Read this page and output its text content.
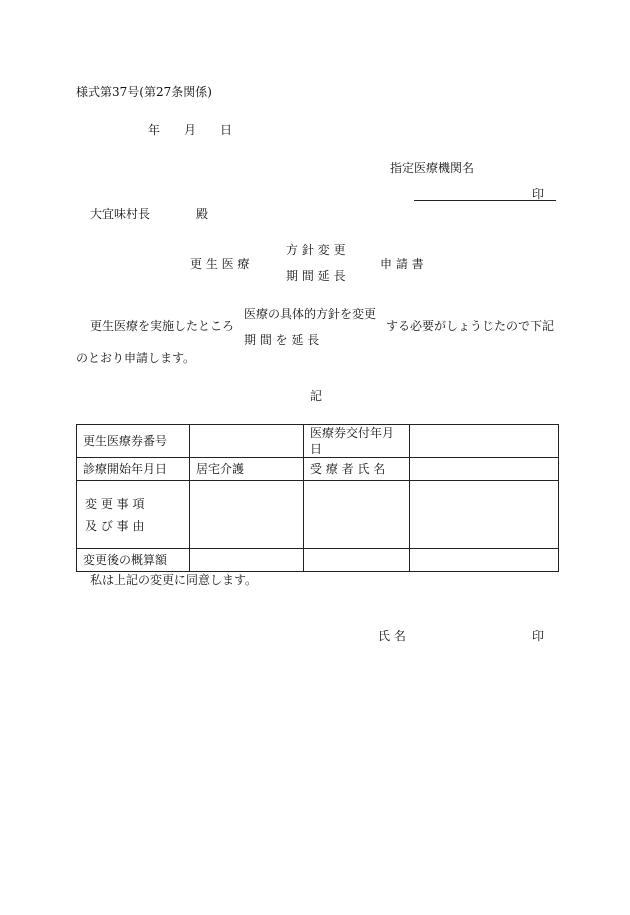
様式第37号(第27条関係)
年 月 日
指定医療機関名
印
大宜味村長	殿
更 生 医 療
方 針 変 更
期 間 延 長
申 請 書
更生医療を実施したところ
医療の具体的方針を変更
期 間 を 延 長
する必要がしょうじたので下記
のとおり申請します。
記
更生医療券番号		医療券交付年月日	
診療開始年月日	居宅介護	受 療 者 氏 名	

変 更 事 項
及 び 事 由			

変更後の概算額			
私は上記の変更に同意します。
氏 名	印
